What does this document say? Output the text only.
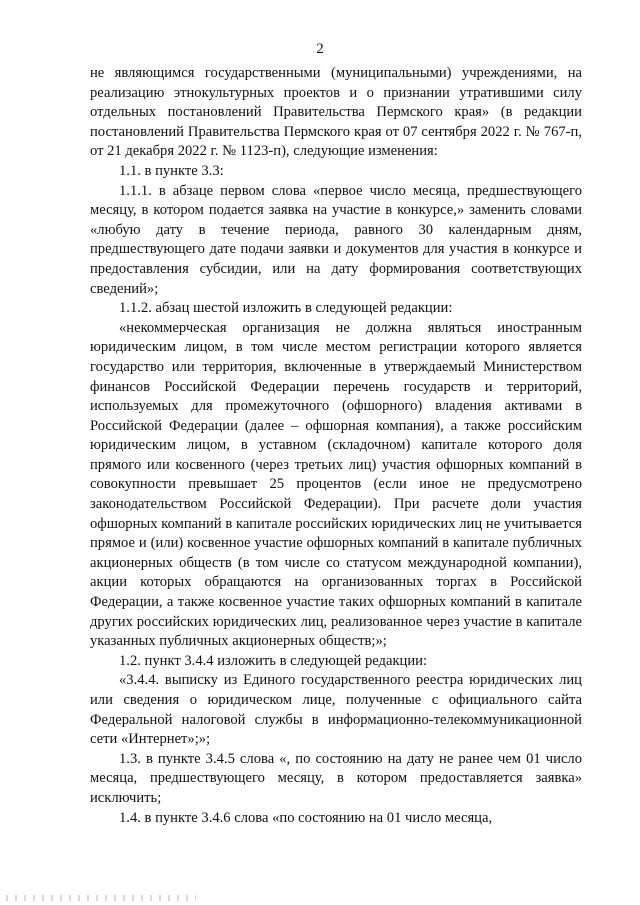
2

не являющимся государственными (муниципальными) учреждениями, на реализацию этнокультурных проектов и о признании утратившими силу отдельных постановлений Правительства Пермского края» (в редакции постановлений Правительства Пермского края от 07 сентября 2022 г. № 767-п, от 21 декабря 2022 г. № 1123-п), следующие изменения:

1.1. в пункте 3.3:

1.1.1. в абзаце первом слова «первое число месяца, предшествующего месяцу, в котором подается заявка на участие в конкурсе,» заменить словами «любую дату в течение периода, равного 30 календарным дням, предшествующего дате подачи заявки и документов для участия в конкурсе и предоставления субсидии, или на дату формирования соответствующих сведений»;

1.1.2. абзац шестой изложить в следующей редакции:

«некоммерческая организация не должна являться иностранным юридическим лицом, в том числе местом регистрации которого является государство или территория, включенные в утверждаемый Министерством финансов Российской Федерации перечень государств и территорий, используемых для промежуточного (офшорного) владения активами в Российской Федерации (далее – офшорная компания), а также российским юридическим лицом, в уставном (складочном) капитале которого доля прямого или косвенного (через третьих лиц) участия офшорных компаний в совокупности превышает 25 процентов (если иное не предусмотрено законодательством Российской Федерации). При расчете доли участия офшорных компаний в капитале российских юридических лиц не учитывается прямое и (или) косвенное участие офшорных компаний в капитале публичных акционерных обществ (в том числе со статусом международной компании), акции которых обращаются на организованных торгах в Российской Федерации, а также косвенное участие таких офшорных компаний в капитале других российских юридических лиц, реализованное через участие в капитале указанных публичных акционерных обществ;»;

1.2. пункт 3.4.4 изложить в следующей редакции:

«3.4.4. выписку из Единого государственного реестра юридических лиц или сведения о юридическом лице, полученные с официального сайта Федеральной налоговой службы в информационно-телекоммуникационной сети «Интернет»;»;

1.3. в пункте 3.4.5 слова «, по состоянию на дату не ранее чем 01 число месяца, предшествующего месяцу, в котором предоставляется заявка» исключить;

1.4. в пункте 3.4.6 слова «по состоянию на 01 число месяца,
